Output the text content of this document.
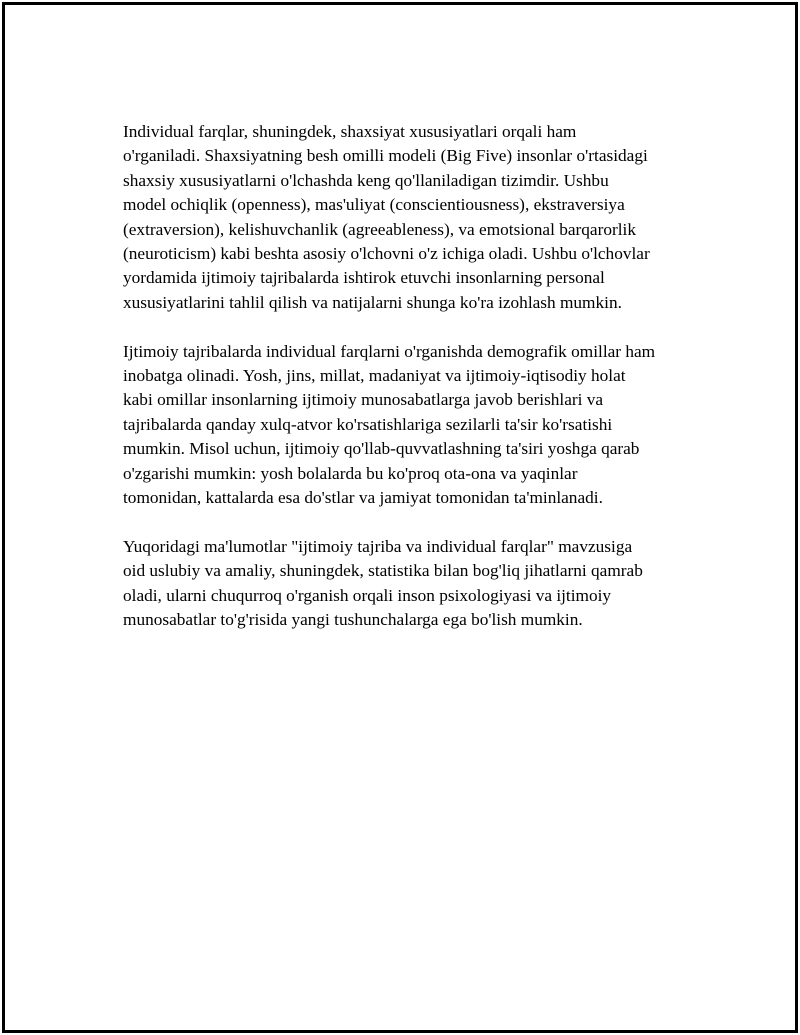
Individual farqlar, shuningdek, shaxsiyat xususiyatlari orqali ham
o'rganiladi. Shaxsiyatning besh omilli modeli (Big Five) insonlar o'rtasidagi
shaxsiy xususiyatlarni o'lchashda keng qo'llaniladigan tizimdir. Ushbu
model ochiqlik (openness), mas'uliyat (conscientiousness), ekstraversiya
(extraversion), kelishuvchanlik (agreeableness), va emotsional barqarorlik
(neuroticism) kabi beshta asosiy o'lchovni o'z ichiga oladi. Ushbu o'lchovlar
yordamida ijtimoiy tajribalarda ishtirok etuvchi insonlarning personal
xususiyatlarini tahlil qilish va natijalarni shunga ko'ra izohlash mumkin.

Ijtimoiy tajribalarda individual farqlarni o'rganishda demografik omillar ham
inobatga olinadi. Yosh, jins, millat, madaniyat va ijtimoiy-iqtisodiy holat
kabi omillar insonlarning ijtimoiy munosabatlarga javob berishlari va
tajribalarda qanday xulq-atvor ko'rsatishlariga sezilarli ta'sir ko'rsatishi
mumkin. Misol uchun, ijtimoiy qo'llab-quvvatlashning ta'siri yoshga qarab
o'zgarishi mumkin: yosh bolalarda bu ko'proq ota-ona va yaqinlar
tomonidan, kattalarda esa do'stlar va jamiyat tomonidan ta'minlanadi.

Yuqoridagi ma'lumotlar "ijtimoiy tajriba va individual farqlar" mavzusiga
oid uslubiy va amaliy, shuningdek, statistika bilan bog'liq jihatlarni qamrab
oladi, ularni chuqurroq o'rganish orqali inson psixologiyasi va ijtimoiy
munosabatlar to'g'risida yangi tushunchalarga ega bo'lish mumkin.
